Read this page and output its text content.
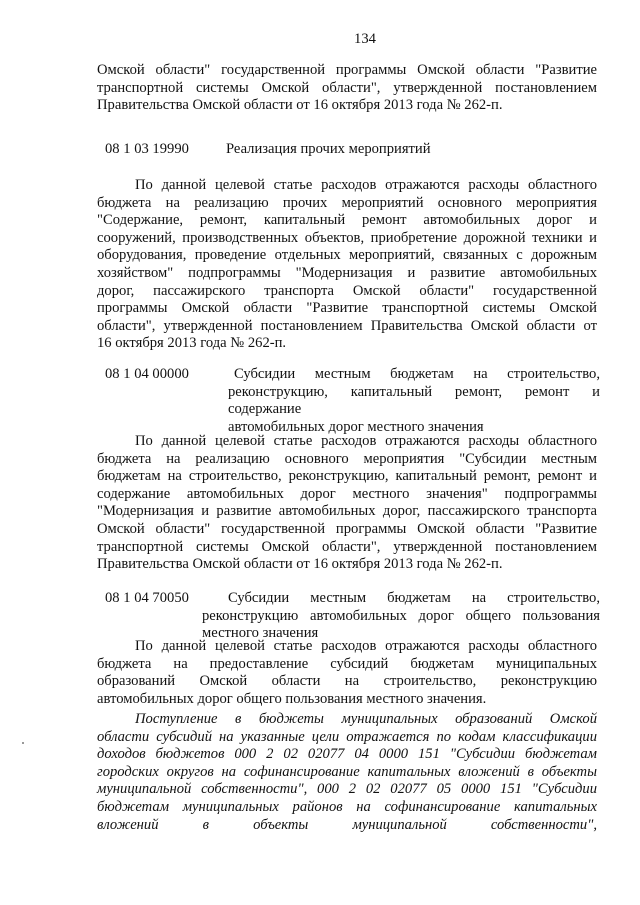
134
Омской области" государственной программы Омской области "Развитие
транспортной системы Омской области", утвержденной постановлением
Правительства Омской области от 16 октября 2013 года № 262-п.
08 1 03 19990	Реализация прочих мероприятий
По данной целевой статье расходов отражаются расходы областного
бюджета на реализацию прочих мероприятий основного мероприятия
"Содержание, ремонт, капитальный ремонт автомобильных дорог и
сооружений, производственных объектов, приобретение дорожной техники и
оборудования, проведение отдельных мероприятий, связанных с дорожным
хозяйством" подпрограммы "Модернизация и развитие автомобильных
дорог, пассажирского транспорта Омской области" государственной
программы Омской области "Развитие транспортной системы Омской
области", утвержденной постановлением Правительства Омской области от
16 октября 2013 года № 262-п.
08 1 04 00000	Субсидии местным бюджетам на строительство,
реконструкцию, капитальный ремонт, ремонт и содержание
автомобильных дорог местного значения
По данной целевой статье расходов отражаются расходы областного
бюджета на реализацию основного мероприятия "Субсидии местным
бюджетам на строительство, реконструкцию, капитальный ремонт, ремонт и
содержание автомобильных дорог местного значения" подпрограммы
"Модернизация и развитие автомобильных дорог, пассажирского транспорта
Омской области" государственной программы Омской области "Развитие
транспортной системы Омской области", утвержденной постановлением
Правительства Омской области от 16 октября 2013 года № 262-п.
08 1 04 70050	Субсидии местным бюджетам на строительство,
реконструкцию автомобильных дорог общего пользования
местного значения
По данной целевой статье расходов отражаются расходы областного
бюджета на предоставление субсидий бюджетам муниципальных
образований Омской области на строительство, реконструкцию
автомобильных дорог общего пользования местного значения.
Поступление в бюджеты муниципальных образований Омской
области субсидий на указанные цели отражается по кодам классификации
доходов бюджетов 000 2 02 02077 04 0000 151 "Субсидии бюджетам
городских округов на софинансирование капитальных вложений в объекты
муниципальной собственности", 000 2 02 02077 05 0000 151 "Субсидии
бюджетам муниципальных районов на софинансирование капитальных
вложений в объекты муниципальной собственности",
